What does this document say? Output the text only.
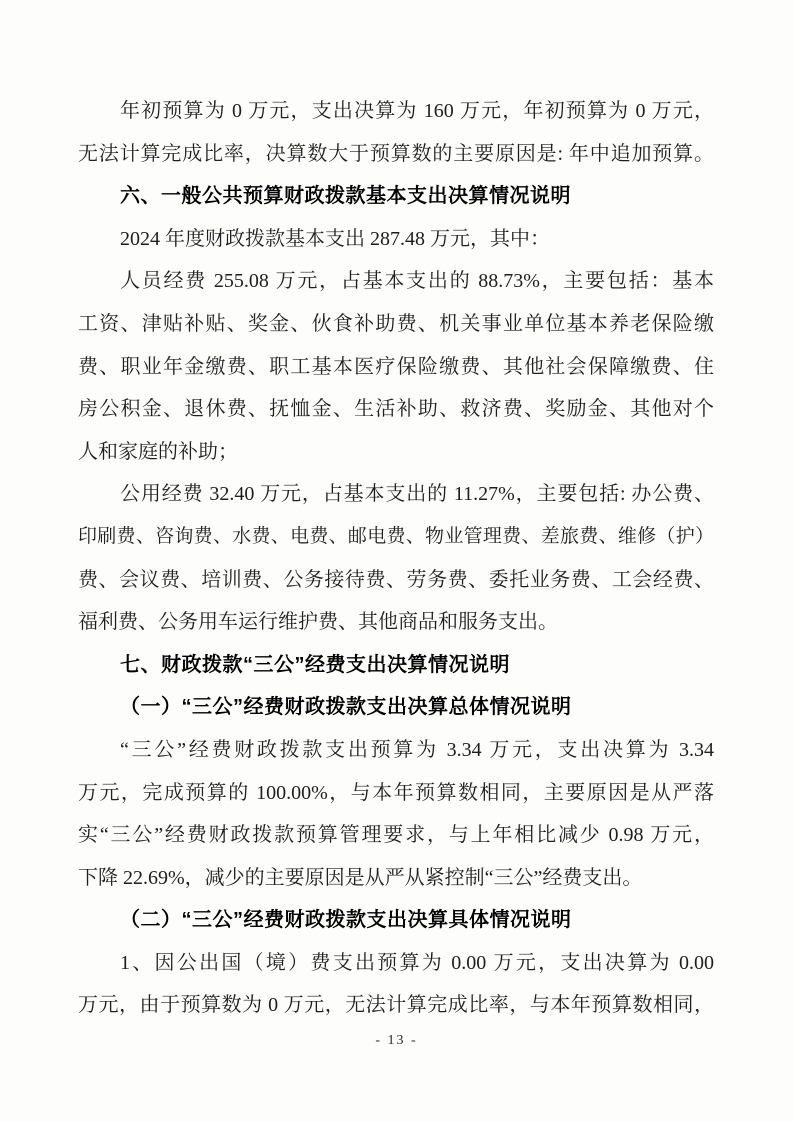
年初预算为 0 万元，支出决算为 160 万元，年初预算为 0 万元，
无法计算完成比率，决算数大于预算数的主要原因是: 年中追加预算。
六、一般公共预算财政拨款基本支出决算情况说明
2024 年度财政拨款基本支出 287.48 万元，其中：
人员经费 255.08 万元，占基本支出的 88.73%，主要包括：基本
工资、津贴补贴、奖金、伙食补助费、机关事业单位基本养老保险缴
费、职业年金缴费、职工基本医疗保险缴费、其他社会保障缴费、住
房公积金、退休费、抚恤金、生活补助、救济费、奖励金、其他对个
人和家庭的补助；
公用经费 32.40 万元，占基本支出的 11.27%，主要包括: 办公费、
印刷费、咨询费、水费、电费、邮电费、物业管理费、差旅费、维修（护）
费、会议费、培训费、公务接待费、劳务费、委托业务费、工会经费、
福利费、公务用车运行维护费、其他商品和服务支出。
七、财政拨款“三公”经费支出决算情况说明
（一）“三公”经费财政拨款支出决算总体情况说明
“三公”经费财政拨款支出预算为 3.34 万元，支出决算为 3.34
万元，完成预算的 100.00%，与本年预算数相同，主要原因是从严落
实“三公”经费财政拨款预算管理要求，与上年相比减少 0.98 万元，
下降 22.69%，减少的主要原因是从严从紧控制“三公”经费支出。
（二）“三公”经费财政拨款支出决算具体情况说明
1、因公出国（境）费支出预算为 0.00 万元，支出决算为 0.00
万元，由于预算数为 0 万元，无法计算完成比率，与本年预算数相同，
- 13 -
